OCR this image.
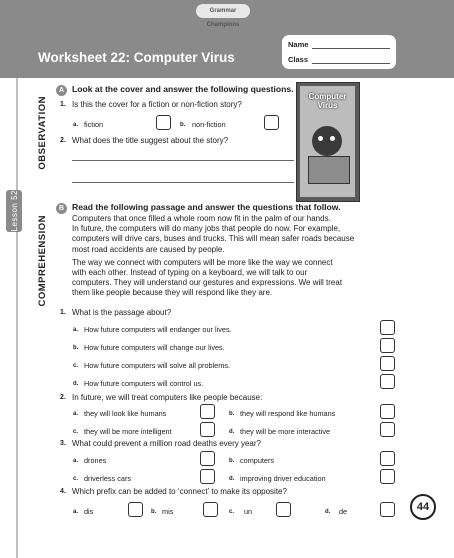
Grammar Champions
Worksheet 22: Computer Virus
Name
Class
Lesson 52
OBSERVATION
COMPREHENSION
A Look at the cover and answer the following questions.
1. Is this the cover for a fiction or non-fiction story?
a. fiction	b. non-fiction
2. What does the title suggest about the story?
Computer Virus
B Read the following passage and answer the questions that follow.
Computers that once filled a whole room now fit in the palm of our hands.
In future, the computers will do many jobs that people do now. For example,
computers will drive cars, buses and trucks. This will mean safer roads because
most road accidents are caused by people.
The way we connect with computers will be more like the way we connect
with each other. Instead of typing on a keyboard, we will talk to our
computers. They will understand our gestures and expressions. We will treat
them like people because they will respond like they are.
1. What is the passage about?
a. How future computers will endanger our lives.
b. How future computers will change our lives.
c. How future computers will solve all problems.
d. How future computers will control us.
2. In future, we will treat computers like people because:
a. they will look like humans	b. they will respond like humans
c. they will be more intelligent	d. they will be more interactive
3. What could prevent a million road deaths every year?
a. drones	b. computers
c. driverless cars	d. improving driver education
4. Which prefix can be added to ‘connect’ to make its opposite?
a. dis	b. mis	c. un	d. de	44
